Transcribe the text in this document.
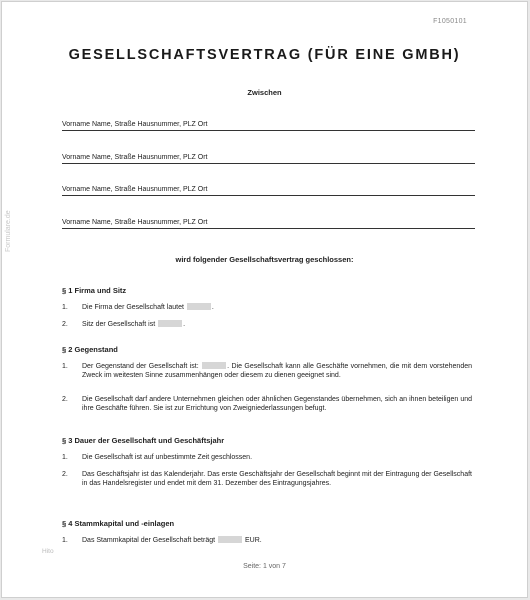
F1050101
Formulare.de
GESELLSCHAFTSVERTRAG (FÜR EINE GMBH)
Zwischen
Vorname Name, Straße Hausnummer, PLZ Ort
Vorname Name, Straße Hausnummer, PLZ Ort
Vorname Name, Straße Hausnummer, PLZ Ort
Vorname Name, Straße Hausnummer, PLZ Ort
wird folgender Gesellschaftsvertrag geschlossen:
§ 1 Firma und Sitz
1. Die Firma der Gesellschaft lautet	.
2. Sitz der Gesellschaft ist	.
§ 2 Gegenstand
1. Der Gegenstand der Gesellschaft ist:	. Die Gesellschaft kann alle Geschäfte vornehmen, die mit dem vorstehenden Zweck im weitesten Sinne zusammenhängen oder diesem zu dienen geeignet sind.
2. Die Gesellschaft darf andere Unternehmen gleichen oder ähnlichen Gegenstandes übernehmen, sich an ihnen beteiligen und ihre Geschäfte führen. Sie ist zur Errichtung von Zweigniederlassungen befugt.
§ 3 Dauer der Gesellschaft und Geschäftsjahr
1. Die Gesellschaft ist auf unbestimmte Zeit geschlossen.
2. Das Geschäftsjahr ist das Kalenderjahr. Das erste Geschäftsjahr der Gesellschaft beginnt mit der Eintragung der Gesellschaft in das Handelsregister und endet mit dem 31. Dezember des Eintragungsjahres.
§ 4 Stammkapital und -einlagen
1. Das Stammkapital der Gesellschaft beträgt	EUR.
Hito
Seite: 1 von 7
